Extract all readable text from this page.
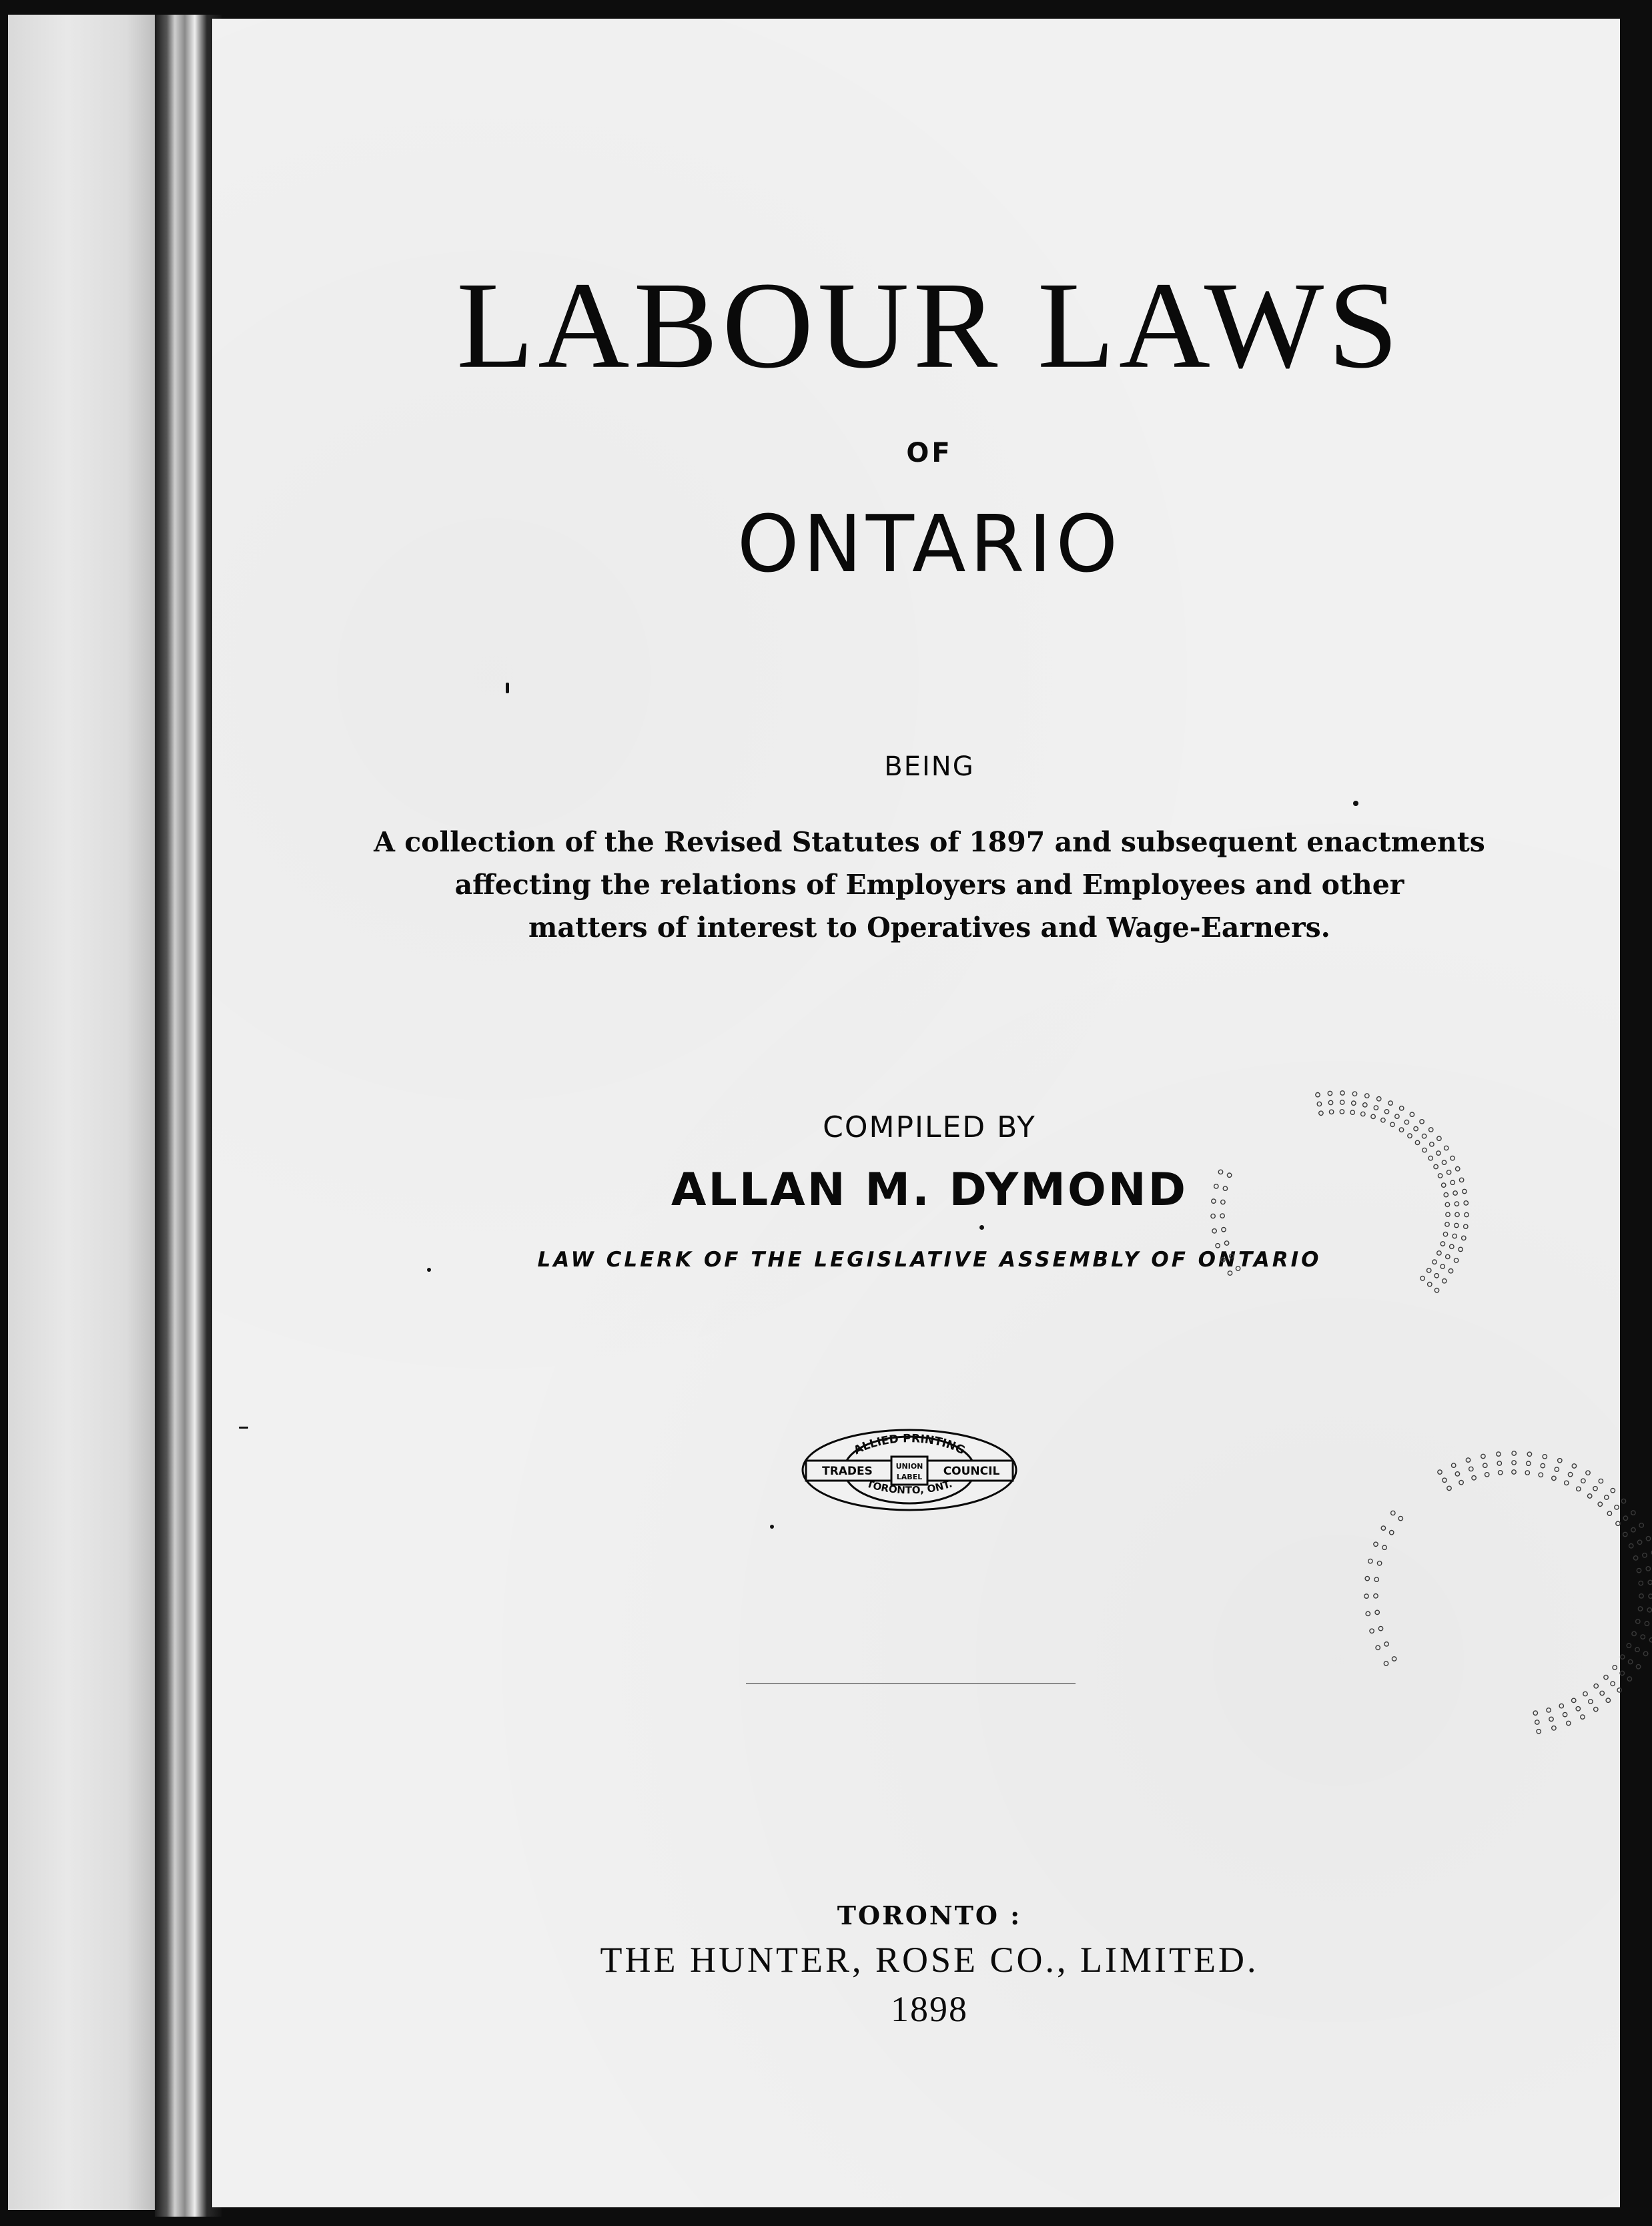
LABOUR LAWS
OF
ONTARIO
BEING
A collection of the Revised Statutes of 1897 and subsequent enactments
affecting the relations of Employers and Employees and other
matters of interest to Operatives and Wage-Earners.
COMPILED BY
ALLAN M. DYMOND
LAW CLERK OF THE LEGISLATIVE ASSEMBLY OF ONTARIO
ALLIED PRINTING
TRADES	UNION
LABEL COUNCIL
TORONTO, ONT.
TORONTO :
THE HUNTER, ROSE CO., LIMITED.
1898
